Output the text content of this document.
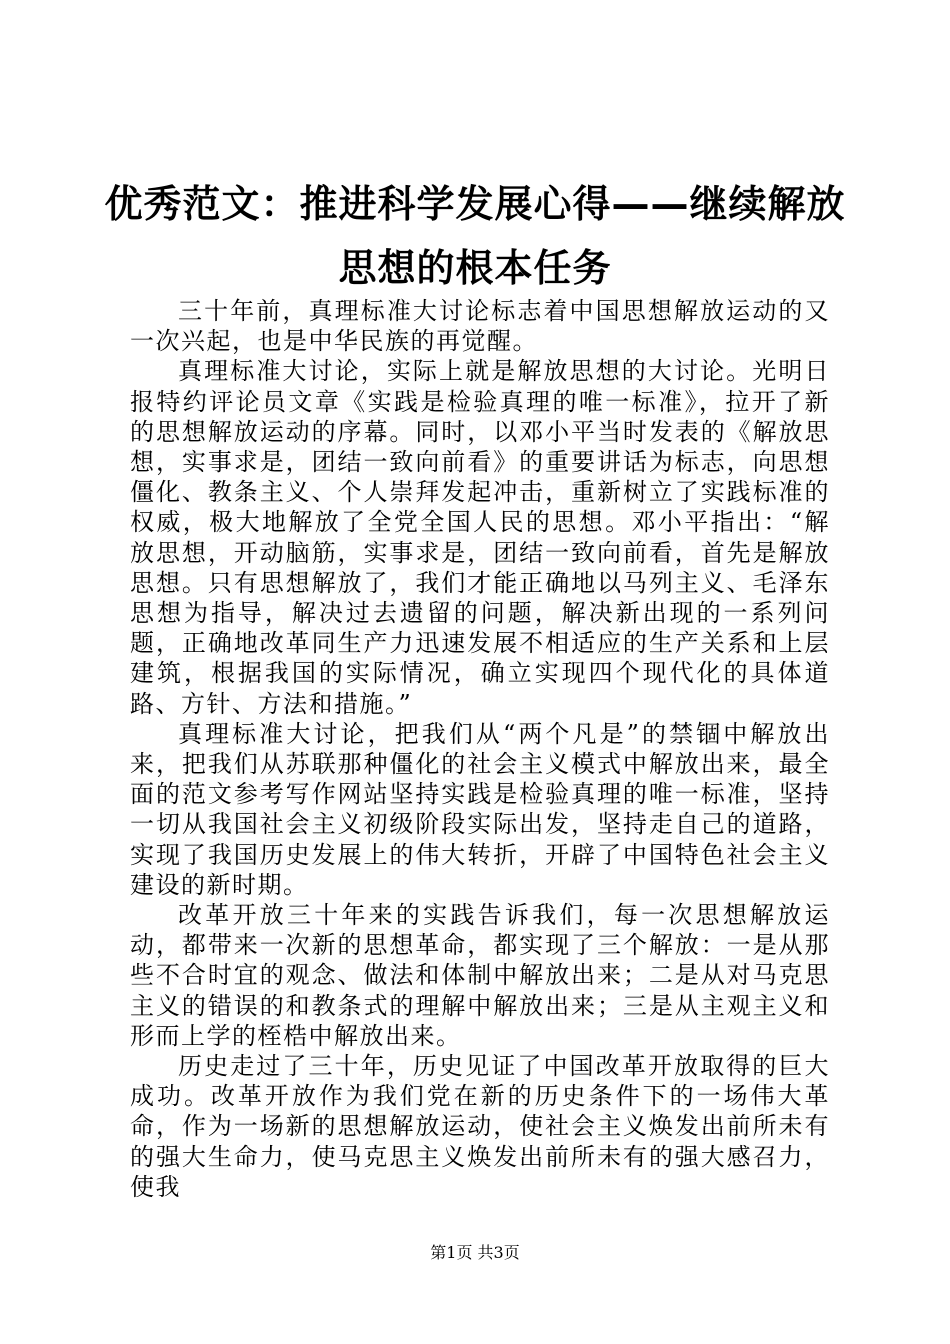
优秀范文：推进科学发展心得——继续解放思想的根本任务

三十年前，真理标准大讨论标志着中国思想解放运动的又一次兴起，也是中华民族的再觉醒。

真理标准大讨论，实际上就是解放思想的大讨论。光明日报特约评论员文章《实践是检验真理的唯一标准》，拉开了新的思想解放运动的序幕。同时，以邓小平当时发表的《解放思想，实事求是，团结一致向前看》的重要讲话为标志，向思想僵化、教条主义、个人崇拜发起冲击，重新树立了实践标准的权威，极大地解放了全党全国人民的思想。邓小平指出：“解放思想，开动脑筋，实事求是，团结一致向前看，首先是解放思想。只有思想解放了，我们才能正确地以马列主义、毛泽东思想为指导，解决过去遗留的问题，解决新出现的一系列问题，正确地改革同生产力迅速发展不相适应的生产关系和上层建筑，根据我国的实际情况，确立实现四个现代化的具体道路、方针、方法和措施。”

真理标准大讨论，把我们从“两个凡是”的禁锢中解放出来，把我们从苏联那种僵化的社会主义模式中解放出来，最全面的范文参考写作网站坚持实践是检验真理的唯一标准，坚持一切从我国社会主义初级阶段实际出发，坚持走自己的道路，实现了我国历史发展上的伟大转折，开辟了中国特色社会主义建设的新时期。

改革开放三十年来的实践告诉我们，每一次思想解放运动，都带来一次新的思想革命，都实现了三个解放：一是从那些不合时宜的观念、做法和体制中解放出来；二是从对马克思主义的错误的和教条式的理解中解放出来；三是从主观主义和形而上学的桎梏中解放出来。

历史走过了三十年，历史见证了中国改革开放取得的巨大成功。改革开放作为我们党在新的历史条件下的一场伟大革命，作为一场新的思想解放运动，使社会主义焕发出前所未有的强大生命力，使马克思主义焕发出前所未有的强大感召力，使我

第1页 共3页
